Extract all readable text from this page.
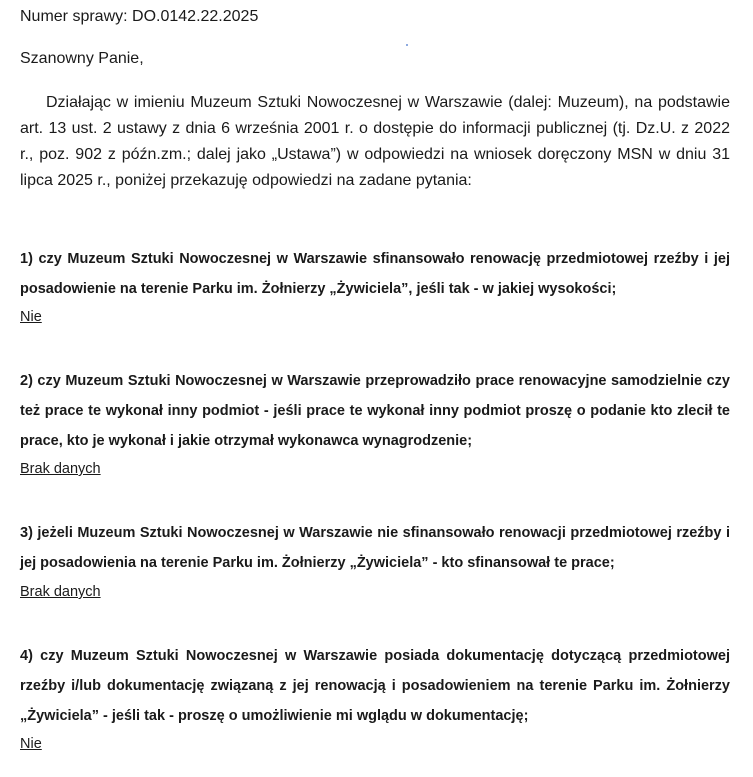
Numer sprawy: DO.0142.22.2025
Szanowny Panie,

Działając w imieniu Muzeum Sztuki Nowoczesnej w Warszawie (dalej: Muzeum), na podstawie art. 13 ust. 2 ustawy z dnia 6 września 2001 r. o dostępie do informacji publicznej (tj. Dz.U. z 2022 r., poz. 902 z późn.zm.; dalej jako „Ustawa”) w odpowiedzi na wniosek doręczony MSN w dniu 31 lipca 2025 r., poniżej przekazuję odpowiedzi na zadane pytania:

1) czy Muzeum Sztuki Nowoczesnej w Warszawie sfinansowało renowację przedmiotowej rzeźby i jej posadowienie na terenie Parku im. Żołnierzy „Żywiciela”, jeśli tak - w jakiej wysokości;

Nie

2) czy Muzeum Sztuki Nowoczesnej w Warszawie przeprowadziło prace renowacyjne samodzielnie czy też prace te wykonał inny podmiot - jeśli prace te wykonał inny podmiot proszę o podanie kto zlecił te prace, kto je wykonał i jakie otrzymał wykonawca wynagrodzenie;

Brak danych

3) jeżeli Muzeum Sztuki Nowoczesnej w Warszawie nie sfinansowało renowacji przedmiotowej rzeźby i jej posadowienia na terenie Parku im. Żołnierzy „Żywiciela” - kto sfinansował te prace;

Brak danych

4) czy Muzeum Sztuki Nowoczesnej w Warszawie posiada dokumentację dotyczącą przedmiotowej rzeźby i/lub dokumentację związaną z jej renowacją i posadowieniem na terenie Parku im. Żołnierzy „Żywiciela” - jeśli tak - proszę o umożliwienie mi wglądu w dokumentację;

Nie
